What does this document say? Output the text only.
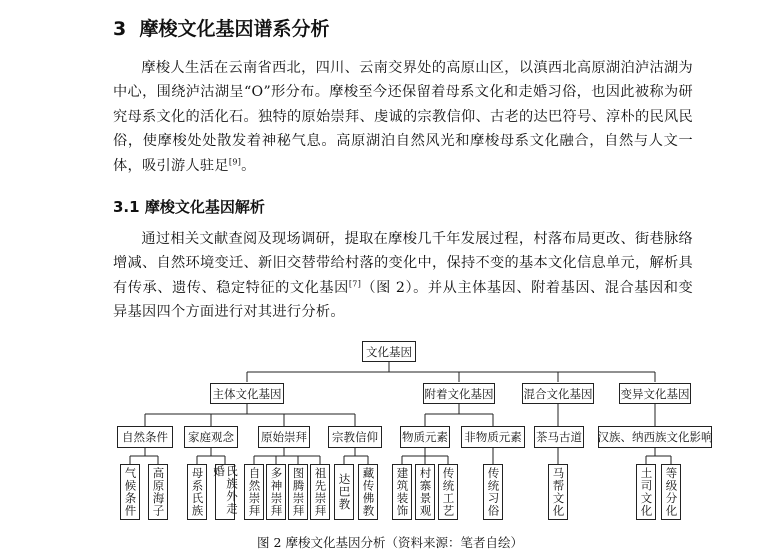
3 摩梭文化基因谱系分析

摩梭人生活在云南省西北，四川、云南交界处的高原山区，以滇西北高原湖泊泸沽湖为中心，围绕泸沽湖呈“O”形分布。摩梭至今还保留着母系文化和走婚习俗，也因此被称为研究母系文化的活化石。独特的原始崇拜、虔诚的宗教信仰、古老的达巴符号、淳朴的民风民俗，使摩梭处处散发着神秘气息。高原湖泊自然风光和摩梭母系文化融合，自然与人文一体，吸引游人驻足[9]。

3.1 摩梭文化基因解析

通过相关文献查阅及现场调研，提取在摩梭几千年发展过程，村落布局更改、街巷脉络增减、自然环境变迁、新旧交替带给村落的变化中，保持不变的基本文化信息单元，解析具有传承、遗传、稳定特征的文化基因[7]（图 2）。并从主体基因、附着基因、混合基因和变异基因四个方面进行对其进行分析。

文化基因
主体文化基因	附着文化基因	混合文化基因 变异文化基因
自然条件	家庭观念	原始崇拜	宗教信仰	物质元素 非物质元素 茶马古道 汉族、纳西族文化影响
气候条件 高原海子 母系氏族	氏族外走婚	自然崇拜 多神崇拜 图腾崇拜 祖先崇拜 达巴教 藏传佛教 建筑装饰 村寨景观 传统工艺	传统习俗	马帮文化	土司文化 等级分化

图 2 摩梭文化基因分析（资料来源：笔者自绘）
